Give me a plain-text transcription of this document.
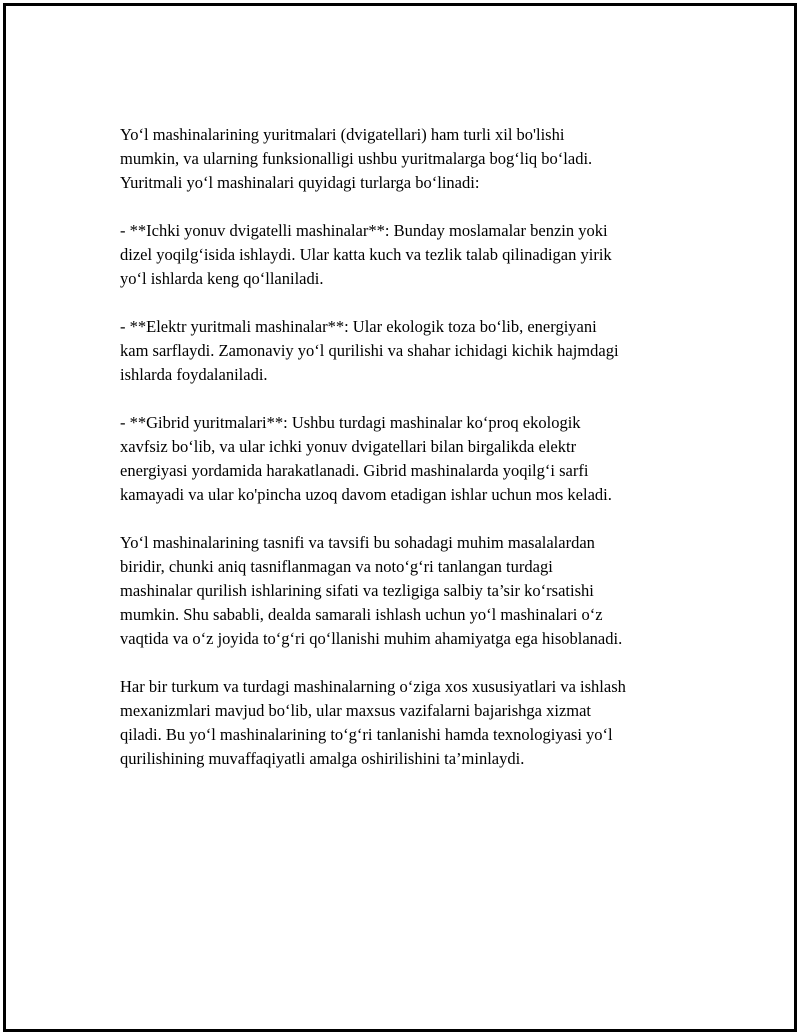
Yo‘l mashinalarining yuritmalari (dvigatellari) ham turli xil bo'lishi
mumkin, va ularning funksionalligi ushbu yuritmalarga bog‘liq bo‘ladi.
Yuritmali yo‘l mashinalari quyidagi turlarga bo‘linadi:

- **Ichki yonuv dvigatelli mashinalar**: Bunday moslamalar benzin yoki
dizel yoqilg‘isida ishlaydi. Ular katta kuch va tezlik talab qilinadigan yirik
yo‘l ishlarda keng qo‘llaniladi.

- **Elektr yuritmali mashinalar**: Ular ekologik toza bo‘lib, energiyani
kam sarflaydi. Zamonaviy yo‘l qurilishi va shahar ichidagi kichik hajmdagi
ishlarda foydalaniladi.

- **Gibrid yuritmalari**: Ushbu turdagi mashinalar ko‘proq ekologik
xavfsiz bo‘lib, va ular ichki yonuv dvigatellari bilan birgalikda elektr
energiyasi yordamida harakatlanadi. Gibrid mashinalarda yoqilg‘i sarfi
kamayadi va ular ko'pincha uzoq davom etadigan ishlar uchun mos keladi.

Yo‘l mashinalarining tasnifi va tavsifi bu sohadagi muhim masalalardan
biridir, chunki aniq tasniflanmagan va noto‘g‘ri tanlangan turdagi
mashinalar qurilish ishlarining sifati va tezligiga salbiy ta’sir ko‘rsatishi
mumkin. Shu sababli, dealda samarali ishlash uchun yo‘l mashinalari o‘z
vaqtida va o‘z joyida to‘g‘ri qo‘llanishi muhim ahamiyatga ega hisoblanadi.

Har bir turkum va turdagi mashinalarning o‘ziga xos xususiyatlari va ishlash
mexanizmlari mavjud bo‘lib, ular maxsus vazifalarni bajarishga xizmat
qiladi. Bu yo‘l mashinalarining to‘g‘ri tanlanishi hamda texnologiyasi yo‘l
qurilishining muvaffaqiyatli amalga oshirilishini ta’minlaydi.
